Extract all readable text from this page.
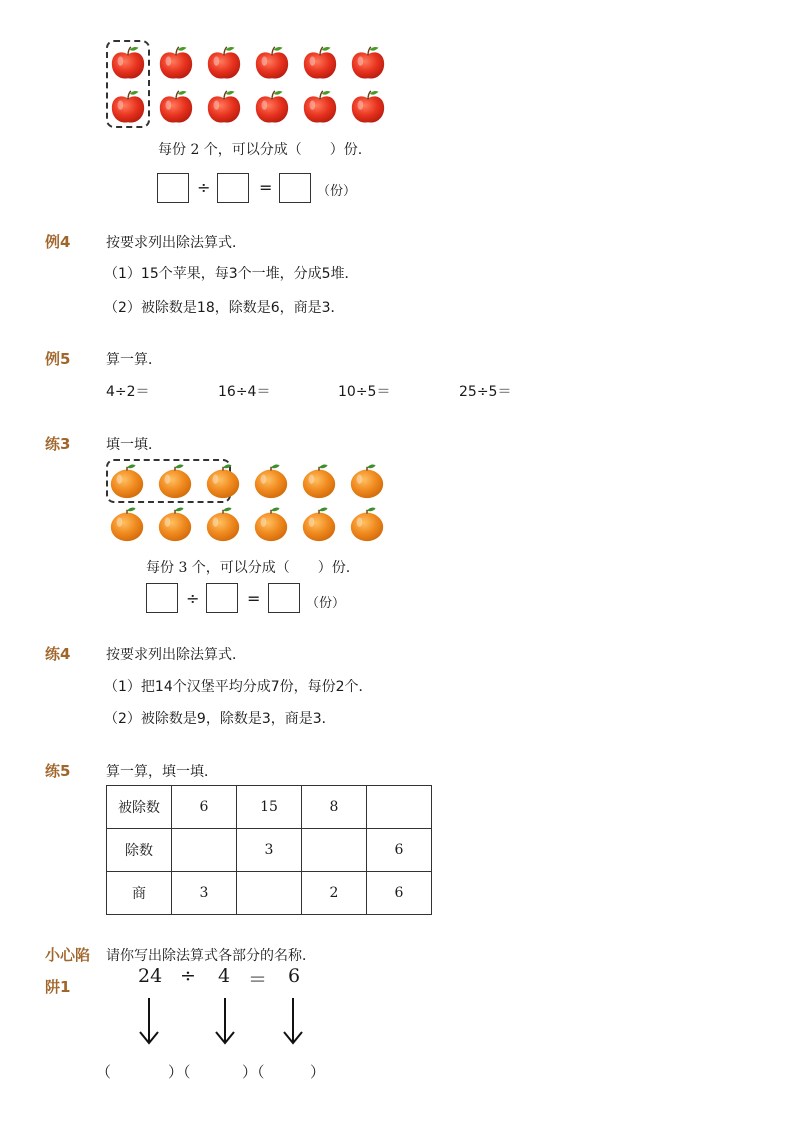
每份 2 个，可以分成（　　）份.
÷	=	（份）
例4	按要求列出除法算式．
（1）15个苹果，每3个一堆，分成5堆．
（2）被除数是18，除数是6，商是3．
例5	算一算．
4÷2＝	16÷4＝	10÷5＝	25÷5＝
练3	填一填．
每份 3 个，可以分成（　　）份.
÷	=	（份）
练4	按要求列出除法算式．
（1）把14个汉堡平均分成7份，每份2个．
（2）被除数是9，除数是3，商是3．
练5	算一算，填一填．
被除数	6	15	8	
除数		3		6
商	3		2	6
小心陷
阱1
请你写出除法算式各部分的名称．
24 ÷ 4 ＝ 6
（	）（	）（	）
